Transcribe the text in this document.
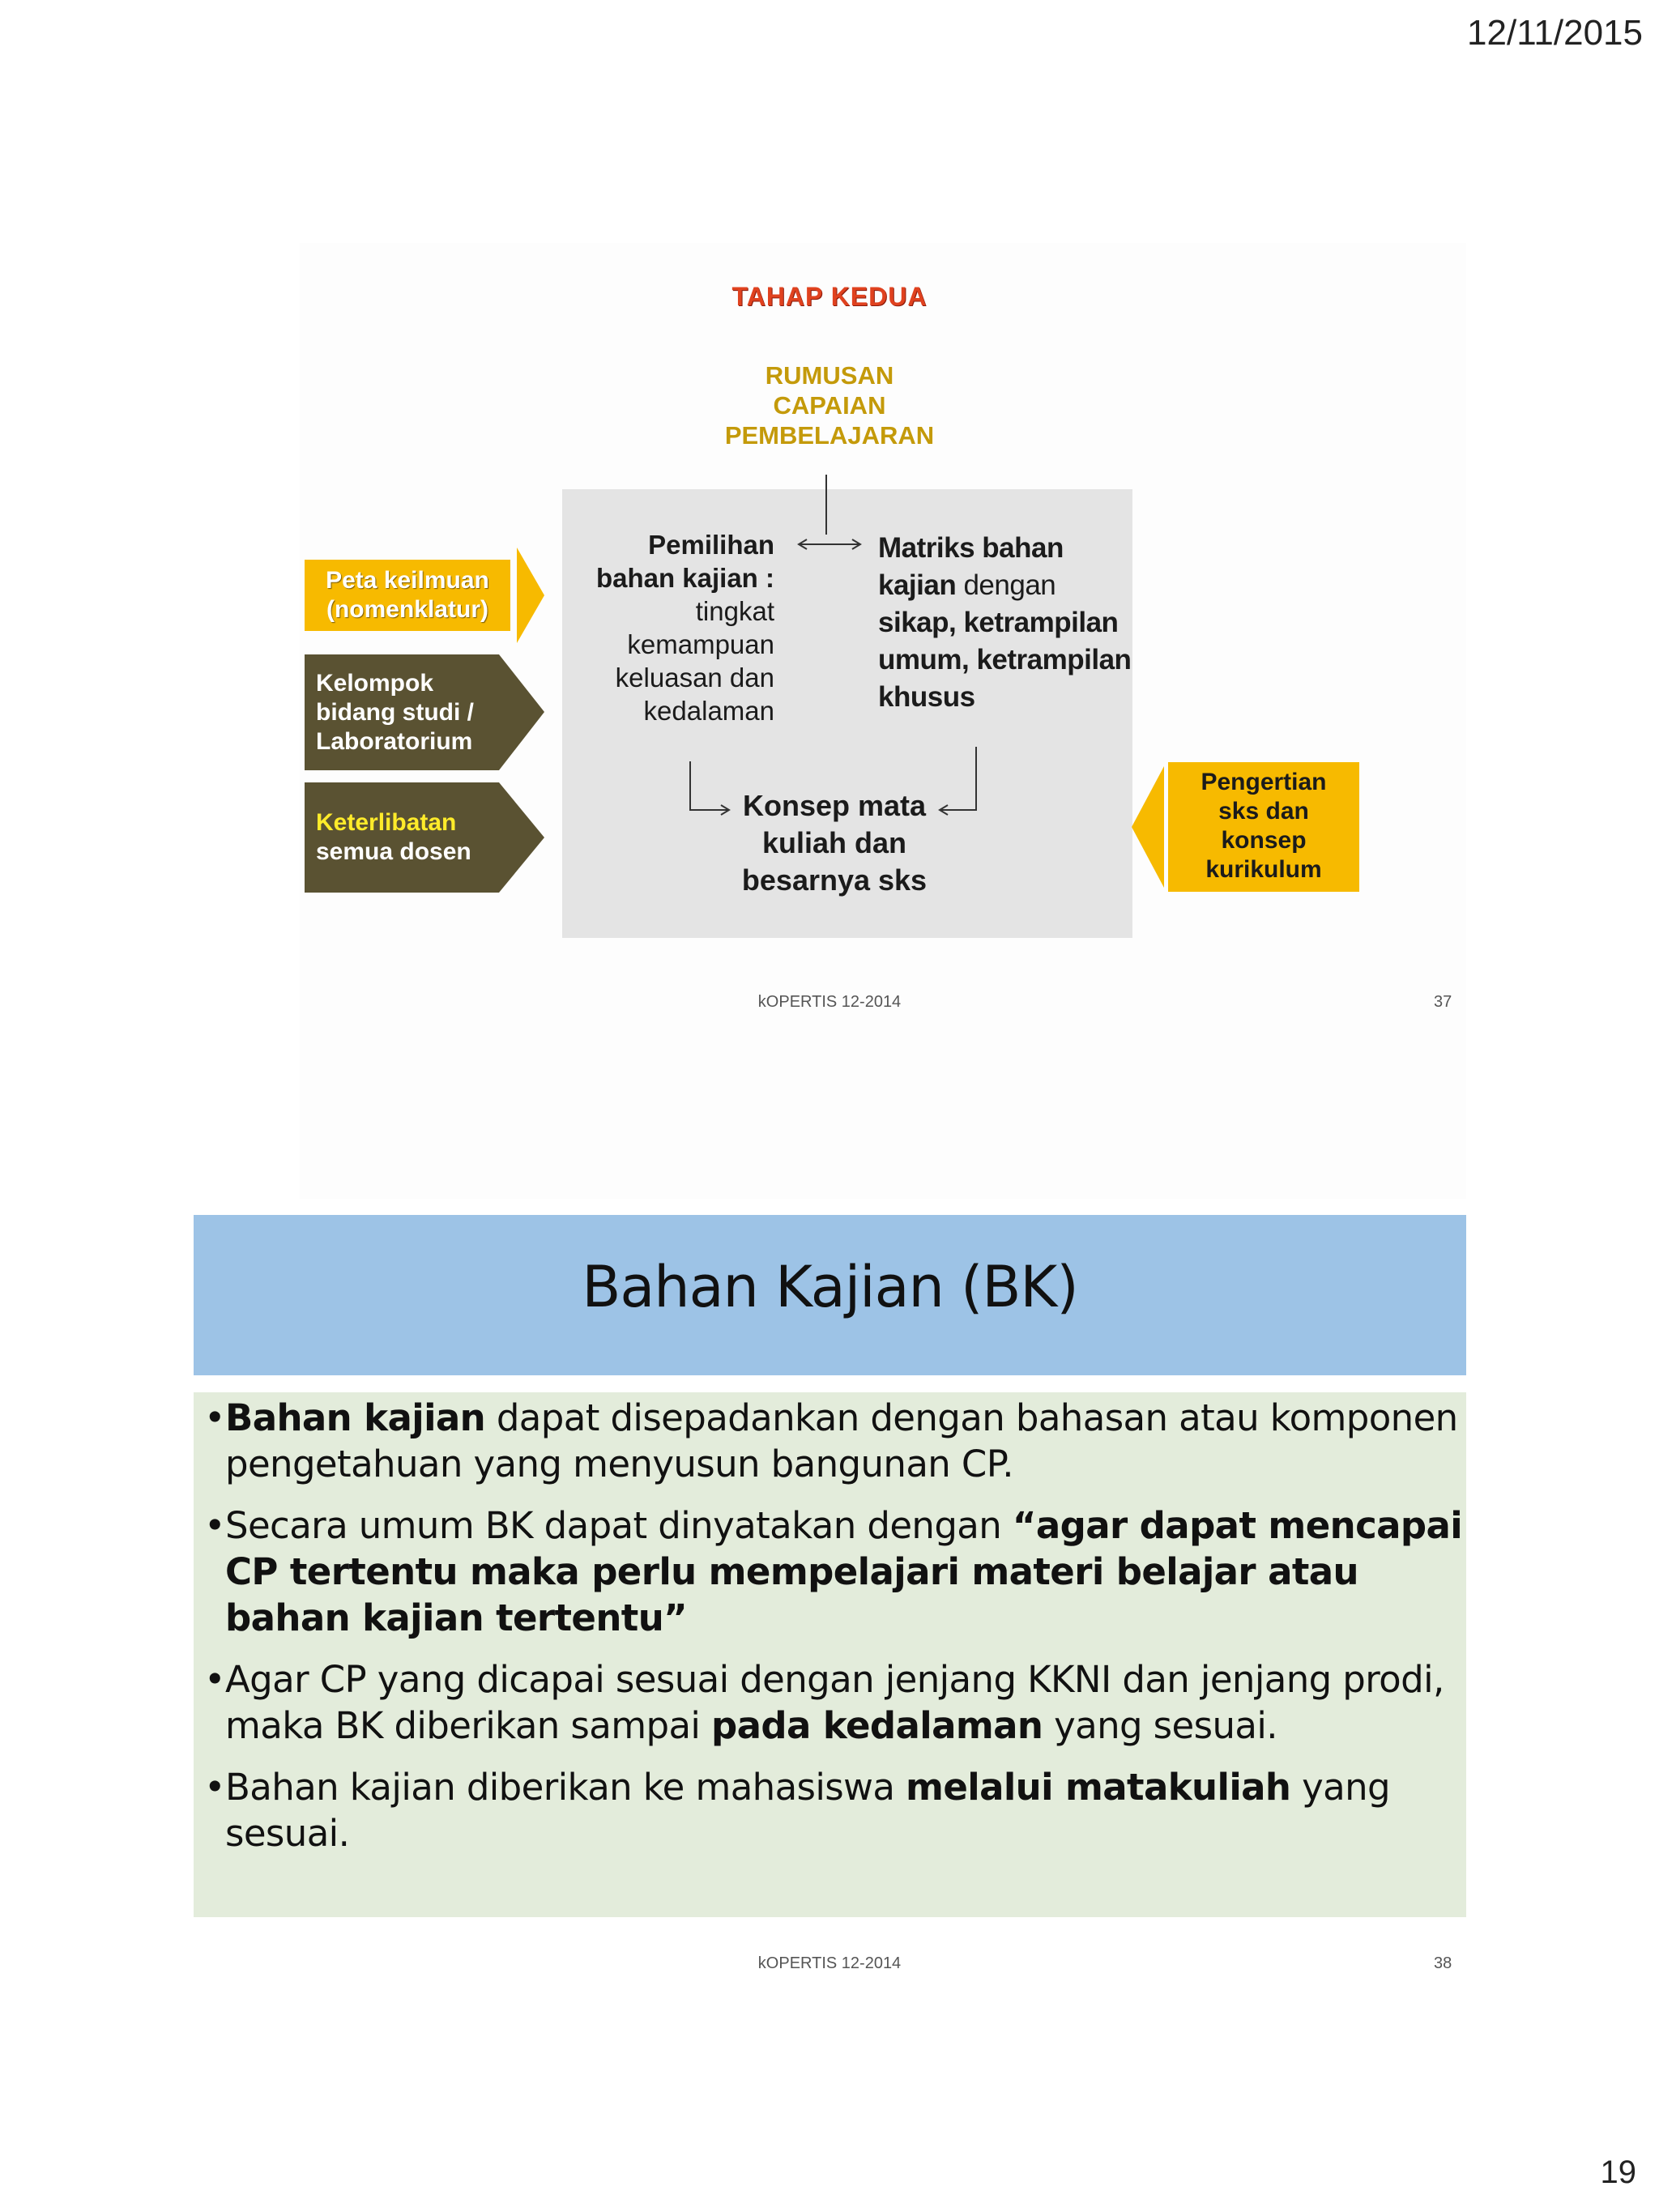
12/11/2015
TAHAP KEDUA
RUMUSAN
CAPAIAN
PEMBELAJARAN
Pemilihan
bahan kajian :
tingkat
kemampuan
keluasan dan
kedalaman
Matriks bahan
kajian dengan
sikap, ketrampilan
umum, ketrampilan
khusus
Konsep mata
kuliah dan
besarnya sks
Peta keilmuan
(nomenklatur)
Kelompok
bidang studi /
Laboratorium
Keterlibatan
semua dosen
Pengertian
sks dan
konsep
kurikulum
kOPERTIS 12-2014	37
Bahan Kajian (BK)
• Bahan kajian dapat disepadankan dengan bahasan atau komponen pengetahuan yang menyusun bangunan CP.
• Secara umum BK dapat dinyatakan dengan “agar dapat mencapai CP tertentu maka perlu mempelajari materi belajar atau bahan kajian tertentu”
• Agar CP yang dicapai sesuai dengan jenjang KKNI dan jenjang prodi, maka BK diberikan sampai pada kedalaman yang sesuai.
• Bahan kajian diberikan ke mahasiswa melalui matakuliah yang sesuai.
kOPERTIS 12-2014	38
19
